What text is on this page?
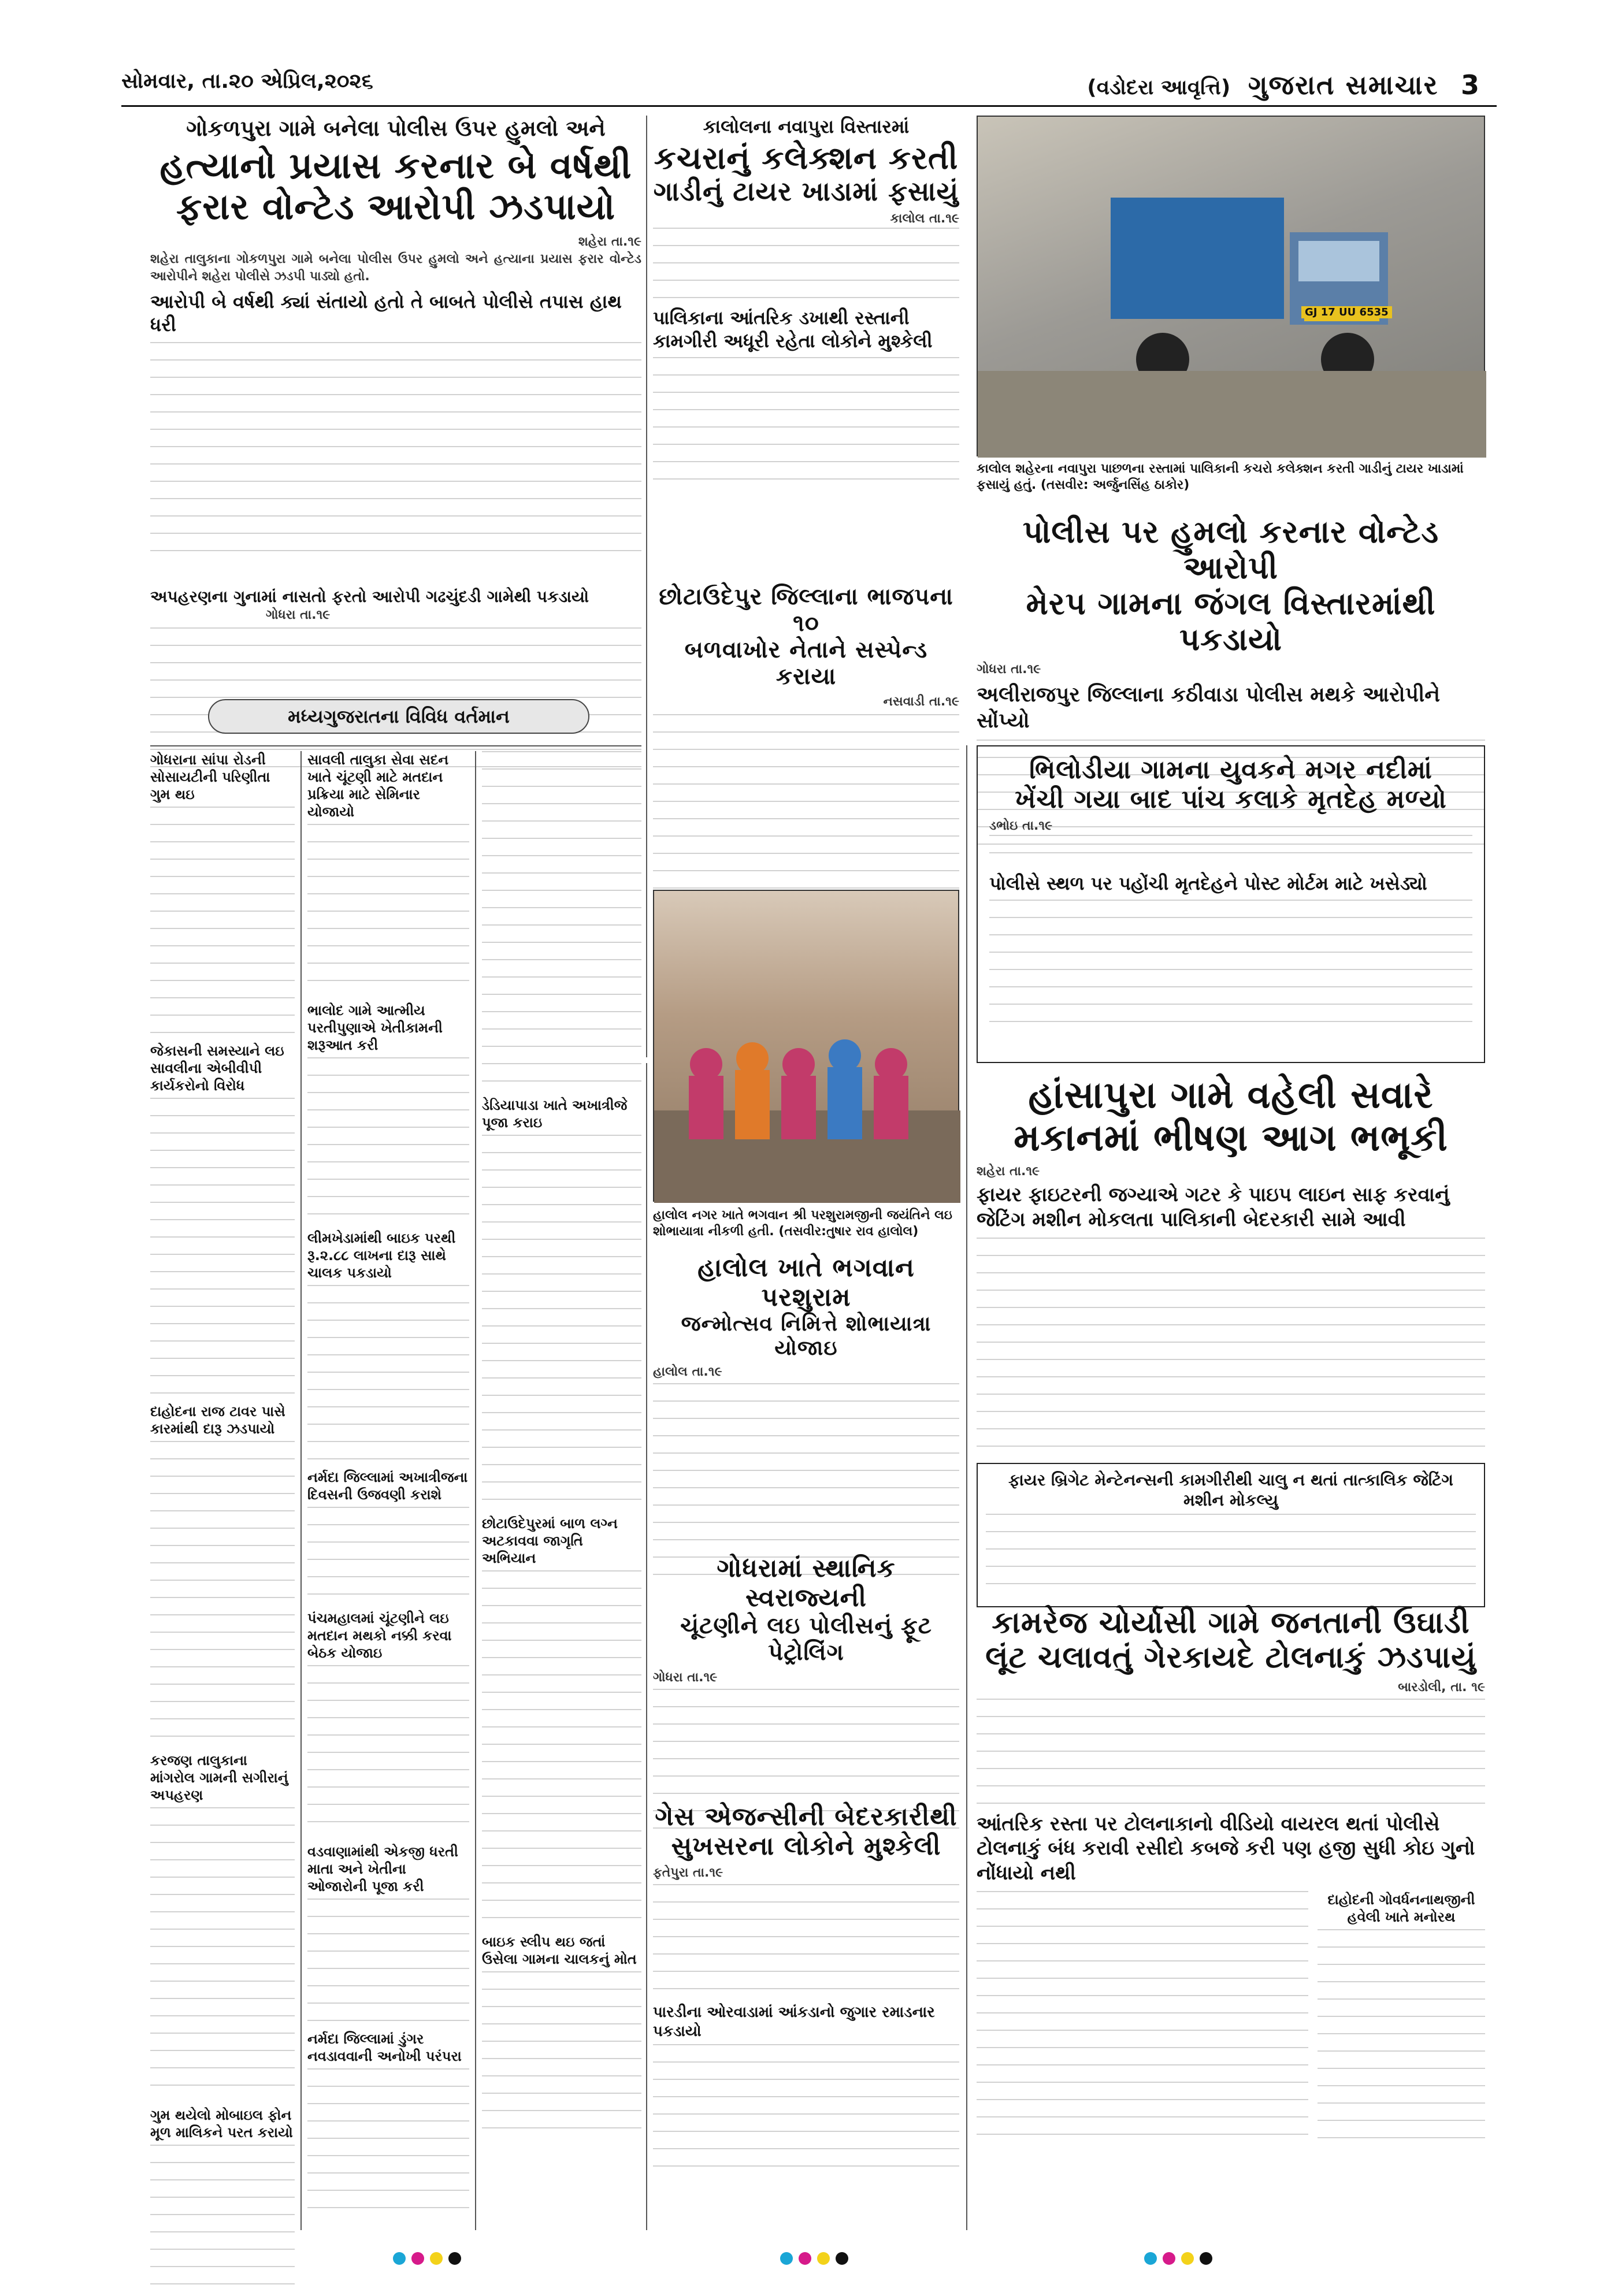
સોમવાર, તા.૨૦ એપ્રિલ,૨૦૨૬	(વડોદરા આવૃત્તિ) ગુજરાત સમાચાર 3
ગોકળપુરા ગામે બનેલા પોલીસ ઉપર હુમલો અને
હત્યાનો પ્રયાસ કરનાર બે વર્ષથી
ફરાર વોન્ટેડ આરોપી ઝડપાયો
શહેરા તા.૧૯
શહેરા તાલુકાના ગોકળપુરા ગામે બનેલા પોલીસ ઉપર હુમલો અને હત્યાના પ્રયાસ ફરાર વોન્ટેડ આરોપીને શહેરા પોલીસે ઝડપી પાડ્યો હતો.
આરોપી બે વર્ષથી ક્યાં સંતાયો હતો તે બાબતે પોલીસે તપાસ હાથ ધરી
અપહરણના ગુનામાં નાસતો ફરતો આરોપી ગઢચુંદડી ગામેથી પકડાયો
ગોધરા તા.૧૯
કાલોલના નવાપુરા વિસ્તારમાં
કચરાનું કલેક્શન કરતી
ગાડીનું ટાયર ખાડામાં ફસાયું
કાલોલ તા.૧૯
પાલિકાના આંતરિક ડખાથી રસ્તાની કામગીરી અધૂરી રહેતા લોકોને મુશ્કેલી
GJ 17 UU 6535
કાલોલ શહેરના નવાપુરા પાછળના રસ્તામાં પાલિકાની કચરો કલેક્શન કરતી ગાડીનું ટાયર ખાડામાં ફસાયું હતું. (તસવીર: અર્જુનસિંહ ઠાકોર)
પોલીસ પર હુમલો કરનાર વોન્ટેડ આરોપી
મેરપ ગામના જંગલ વિસ્તારમાંથી પકડાયો
ગોધરા તા.૧૯
અલીરાજપુર જિલ્લાના કઠીવાડા પોલીસ મથકે આરોપીને સોંપ્યો
છોટાઉદેપુર જિલ્લાના ભાજપના ૧૦
બળવાખોર નેતાને સસ્પેન્ડ કરાયા
નસવાડી તા.૧૯
મધ્યગુજરાતના વિવિધ વર્તમાન
ગોધરાના સાંપા રોડની સોસાયટીની પરિણીતા ગુમ થઇ
જેકાસની સમસ્યાને લઇ સાવલીના એબીવીપી કાર્યકરોનો વિરોધ
દાહોદના રાજ ટાવર પાસે કારમાંથી દારૂ ઝડપાયો
કરજણ તાલુકાના માંગરોલ ગામની સગીરાનું અપહરણ
ગુમ થયેલો મોબાઇલ ફોન મૂળ માલિકને પરત કરાયો
સાવલી તાલુકા સેવા સદન ખાતે ચૂંટણી માટે મતદાન પ્રક્રિયા માટે સેમિનાર યોજાયો
ભાલોદ ગામે આત્મીય પરતીપુણાએ ખેતીકામની શરૂઆત કરી
લીમખેડામાંથી બાઇક પરથી રૂ.૨.૮૮ લાખના દારૂ સાથે ચાલક પકડાયો
નર્મદા જિલ્લામાં અખાત્રીજના દિવસની ઉજવણી કરાશે
પંચમહાલમાં ચૂંટણીને લઇ મતદાન મથકો નક્કી કરવા બેઠક યોજાઇ
વડવાણામાંથી એકજી ધરતી માતા અને ખેતીના ઓજારોની પૂજા કરી
નર્મદા જિલ્લામાં ડુંગર નવડાવવાની અનોખી પરંપરા
ડેડિયાપાડા ખાતે અખાત્રીજે પૂજા કરાઇ
છોટાઉદેપુરમાં બાળ લગ્ન અટકાવવા જાગૃતિ અભિયાન
બાઇક સ્લીપ થઇ જતાં ઉસેલા ગામના ચાલકનું મોત
હાલોલ નગર ખાતે ભગવાન શ્રી પરશુરામજીની જયંતિને લઇ શોભાયાત્રા નીકળી હતી. (તસવીર:તુષાર રાવ હાલોલ)
હાલોલ ખાતે ભગવાન પરશુરામ
જન્મોત્સવ નિમિત્તે શોભાયાત્રા યોજાઇ
હાલોલ તા.૧૯
ગોધરામાં સ્થાનિક સ્વરાજ્યની
ચૂંટણીને લઇ પોલીસનું ફૂટ પેટ્રોલિંગ
ગોધરા તા.૧૯
ગેસ એજન્સીની બેદરકારીથી
સુખસરના લોકોને મુશ્કેલી
ફતેપુરા તા.૧૯
પારડીના ઓરવાડામાં આંકડાનો જુગાર રમાડનાર પકડાયો
ભિલોડીયા ગામના યુવકને મગર નદીમાં
ખેંચી ગયા બાદ પાંચ કલાકે મૃતદેહ મળ્યો
ડભોઇ તા.૧૯
પોલીસે સ્થળ પર પહોંચી મૃતદેહને પોસ્ટ મોર્ટમ માટે ખસેડ્યો
હાંસાપુરા ગામે વહેલી સવારે
મકાનમાં ભીષણ આગ ભભૂકી
શહેરા તા.૧૯
ફાયર ફાઇટરની જગ્યાએ ગટર કે પાઇપ લાઇન સાફ કરવાનું જેટિંગ મશીન મોકલતા પાલિકાની બેદરકારી સામે આવી
ફાયર બ્રિગેટ મેન્ટેનન્સની કામગીરીથી ચાલુ ન થતાં તાત્કાલિક જેટિંગ મશીન મોકલ્યુ
કામરેજ ચોર્યાસી ગામે જનતાની ઉઘાડી
લૂંટ ચલાવતું ગેરકાયદે ટોલનાકું ઝડપાયું
બારડોલી, તા. ૧૯
આંતરિક રસ્તા પર ટોલનાકાનો વીડિયો વાયરલ થતાં પોલીસે ટોલનાકું બંધ કરાવી રસીદો કબજે કરી પણ હજી સુધી કોઇ ગુનો નોંધાયો નથી
દાહોદની ગોવર્ધનનાથજીની હવેલી ખાતે મનોરથ
